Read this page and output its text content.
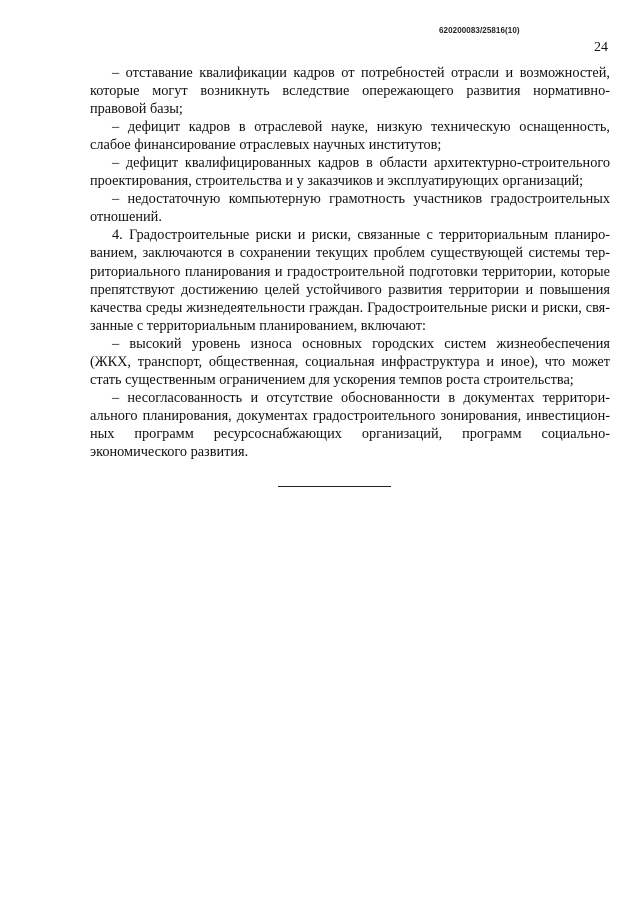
620200083/25816(10)
24
– отставание квалификации кадров от потребностей отрасли и возможностей,
которые могут возникнуть вследствие опережающего развития нормативно-
правовой базы;
– дефицит кадров в отраслевой науке, низкую техническую оснащенность,
слабое финансирование отраслевых научных институтов;
– дефицит квалифицированных кадров в области архитектурно-строительного
проектирования, строительства и у заказчиков и эксплуатирующих организаций;
– недостаточную компьютерную грамотность участников градостроительных
отношений.
4. Градостроительные риски и риски, связанные с территориальным планиро-
ванием, заключаются в сохранении текущих проблем существующей системы тер-
риториального планирования и градостроительной подготовки территории, которые
препятствуют достижению целей устойчивого развития территории и повышения
качества среды жизнедеятельности граждан. Градостроительные риски и риски, свя-
занные с территориальным планированием, включают:
– высокий уровень износа основных городских систем жизнеобеспечения
(ЖКХ, транспорт, общественная, социальная инфраструктура и иное), что может
стать существенным ограничением для ускорения темпов роста строительства;
– несогласованность и отсутствие обоснованности в документах территори-
ального планирования, документах градостроительного зонирования, инвестицион-
ных программ ресурсоснабжающих организаций, программ социально-
экономического развития.
